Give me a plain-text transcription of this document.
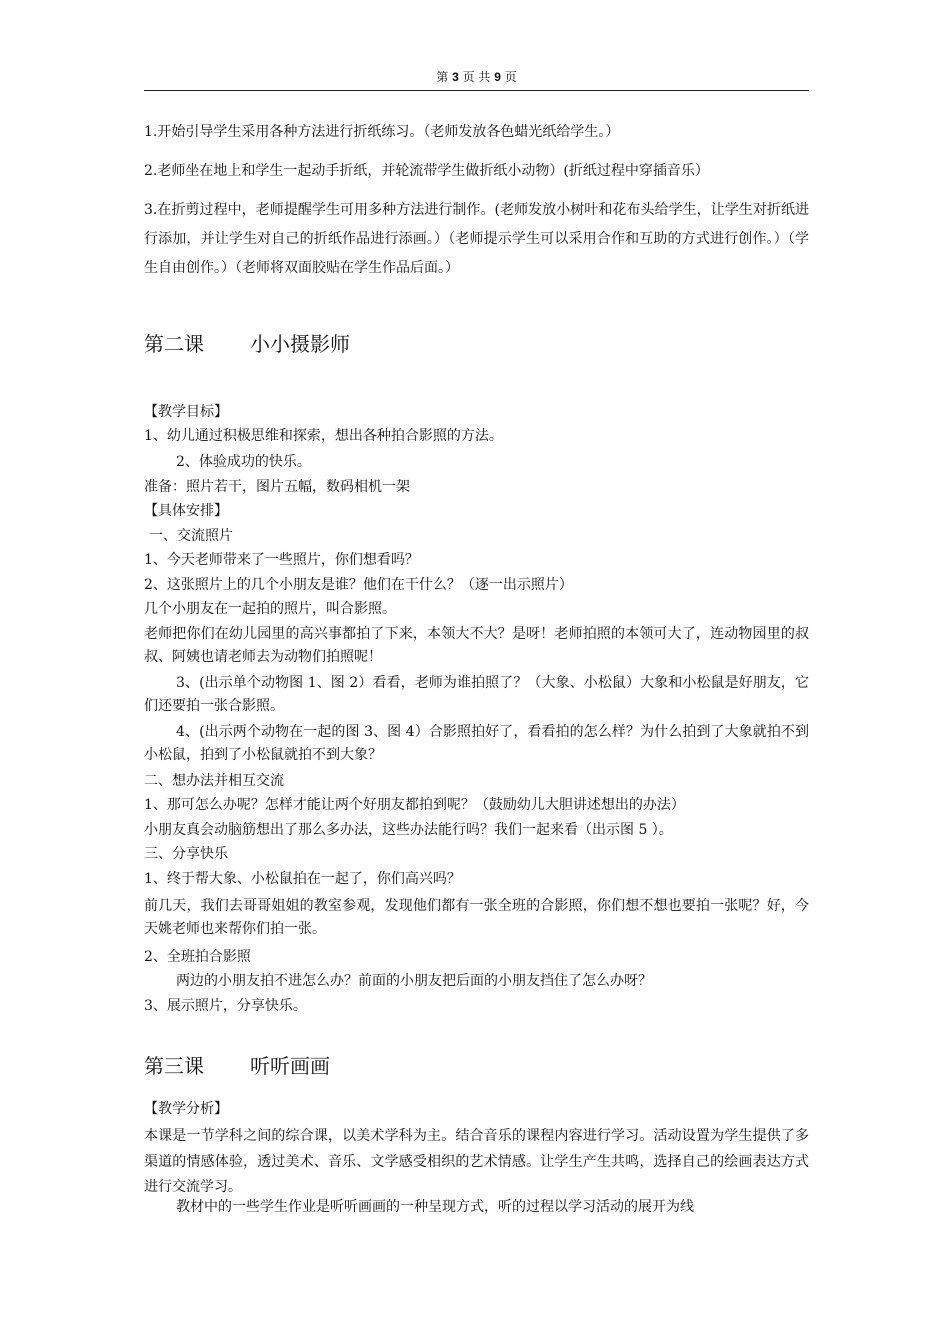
第 3 页 共 9 页
1.开始引导学生采用各种方法进行折纸练习。（老师发放各色蜡光纸给学生。）
2.老师坐在地上和学生一起动手折纸，并轮流带学生做折纸小动物）(折纸过程中穿插音乐）
3.在折剪过程中，老师提醒学生可用多种方法进行制作。(老师发放小树叶和花布头给学生，让学生对折纸进行添加，并让学生对自己的折纸作品进行添画。）（老师提示学生可以采用合作和互助的方式进行创作。）（学生自由创作。）（老师将双面胶贴在学生作品后面。）
第二课 小小摄影师
【教学目标】
1、幼儿通过积极思维和探索，想出各种拍合影照的方法。
2、体验成功的快乐。
准备：照片若干，图片五幅，数码相机一架
【具体安排】
一、交流照片
1、今天老师带来了一些照片，你们想看吗？
2、这张照片上的几个小朋友是谁？他们在干什么？（逐一出示照片）
几个小朋友在一起拍的照片，叫合影照。
老师把你们在幼儿园里的高兴事都拍了下来，本领大不大？是呀！老师拍照的本领可大了，连动物园里的叔叔、阿姨也请老师去为动物们拍照呢！
3、(出示单个动物图 1、图 2）看看，老师为谁拍照了？（大象、小松鼠）大象和小松鼠是好朋友，它们还要拍一张合影照。
4、(出示两个动物在一起的图 3、图 4）合影照拍好了，看看拍的怎么样？为什么拍到了大象就拍不到小松鼠，拍到了小松鼠就拍不到大象？
二、想办法并相互交流
1、那可怎么办呢？怎样才能让两个好朋友都拍到呢？（鼓励幼儿大胆讲述想出的办法）
小朋友真会动脑筋想出了那么多办法，这些办法能行吗？我们一起来看（出示图 5 ）。
三、分享快乐
1、终于帮大象、小松鼠拍在一起了，你们高兴吗？
前几天，我们去哥哥姐姐的教室参观，发现他们都有一张全班的合影照，你们想不想也要拍一张呢？好，今天姚老师也来帮你们拍一张。
2、全班拍合影照
两边的小朋友拍不进怎么办？前面的小朋友把后面的小朋友挡住了怎么办呀？
3、展示照片，分享快乐。
第三课 听听画画
【教学分析】
本课是一节学科之间的综合课，以美术学科为主。结合音乐的课程内容进行学习。活动设置为学生提供了多渠道的情感体验，透过美术、音乐、文学感受相织的艺术情感。让学生产生共鸣，选择自己的绘画表达方式进行交流学习。
教材中的一些学生作业是听听画画的一种呈现方式，听的过程以学习活动的展开为线
